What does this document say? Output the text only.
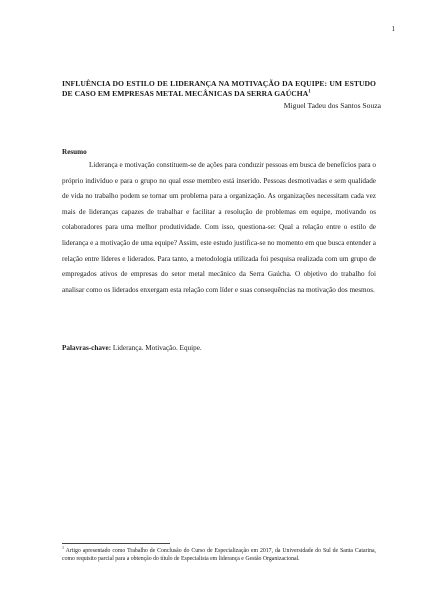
1
INFLUÊNCIA DO ESTILO DE LIDERANÇA NA MOTIVAÇÃO DA EQUIPE: UM ESTUDO DE CASO EM EMPRESAS METAL MECÂNICAS DA SERRA GAÚCHA$^1$
Miguel Tadeu dos Santos Souza
Resumo

Liderança e motivação constituem-se de ações para conduzir pessoas em busca de benefícios para o próprio indivíduo e para o grupo no qual esse membro está inserido. Pessoas desmotivadas e sem qualidade de vida no trabalho podem se tornar um problema para a organização. As organizações necessitam cada vez mais de lideranças capazes de trabalhar e facilitar a resolução de problemas em equipe, motivando os colaboradores para uma melhor produtividade. Com isso, questiona-se: Qual a relação entre o estilo de liderança e a motivação de uma equipe? Assim, este estudo justifica-se no momento em que busca entender a relação entre líderes e liderados. Para tanto, a metodologia utilizada foi pesquisa realizada com um grupo de empregados ativos de empresas do setor metal mecânico da Serra Gaúcha. O objetivo do trabalho foi analisar como os liderados enxergam esta relação com líder e suas consequências na motivação dos mesmos.

Palavras-chave: Liderança. Motivação. Equipe.

$^1$ Artigo apresentado como Trabalho de Conclusão do Curso de Especialização em 2017, da Universidade do Sul de Santa Catarina, como requisito parcial para a obtenção do título de Especialista em liderança e Gestão Organizacional.
